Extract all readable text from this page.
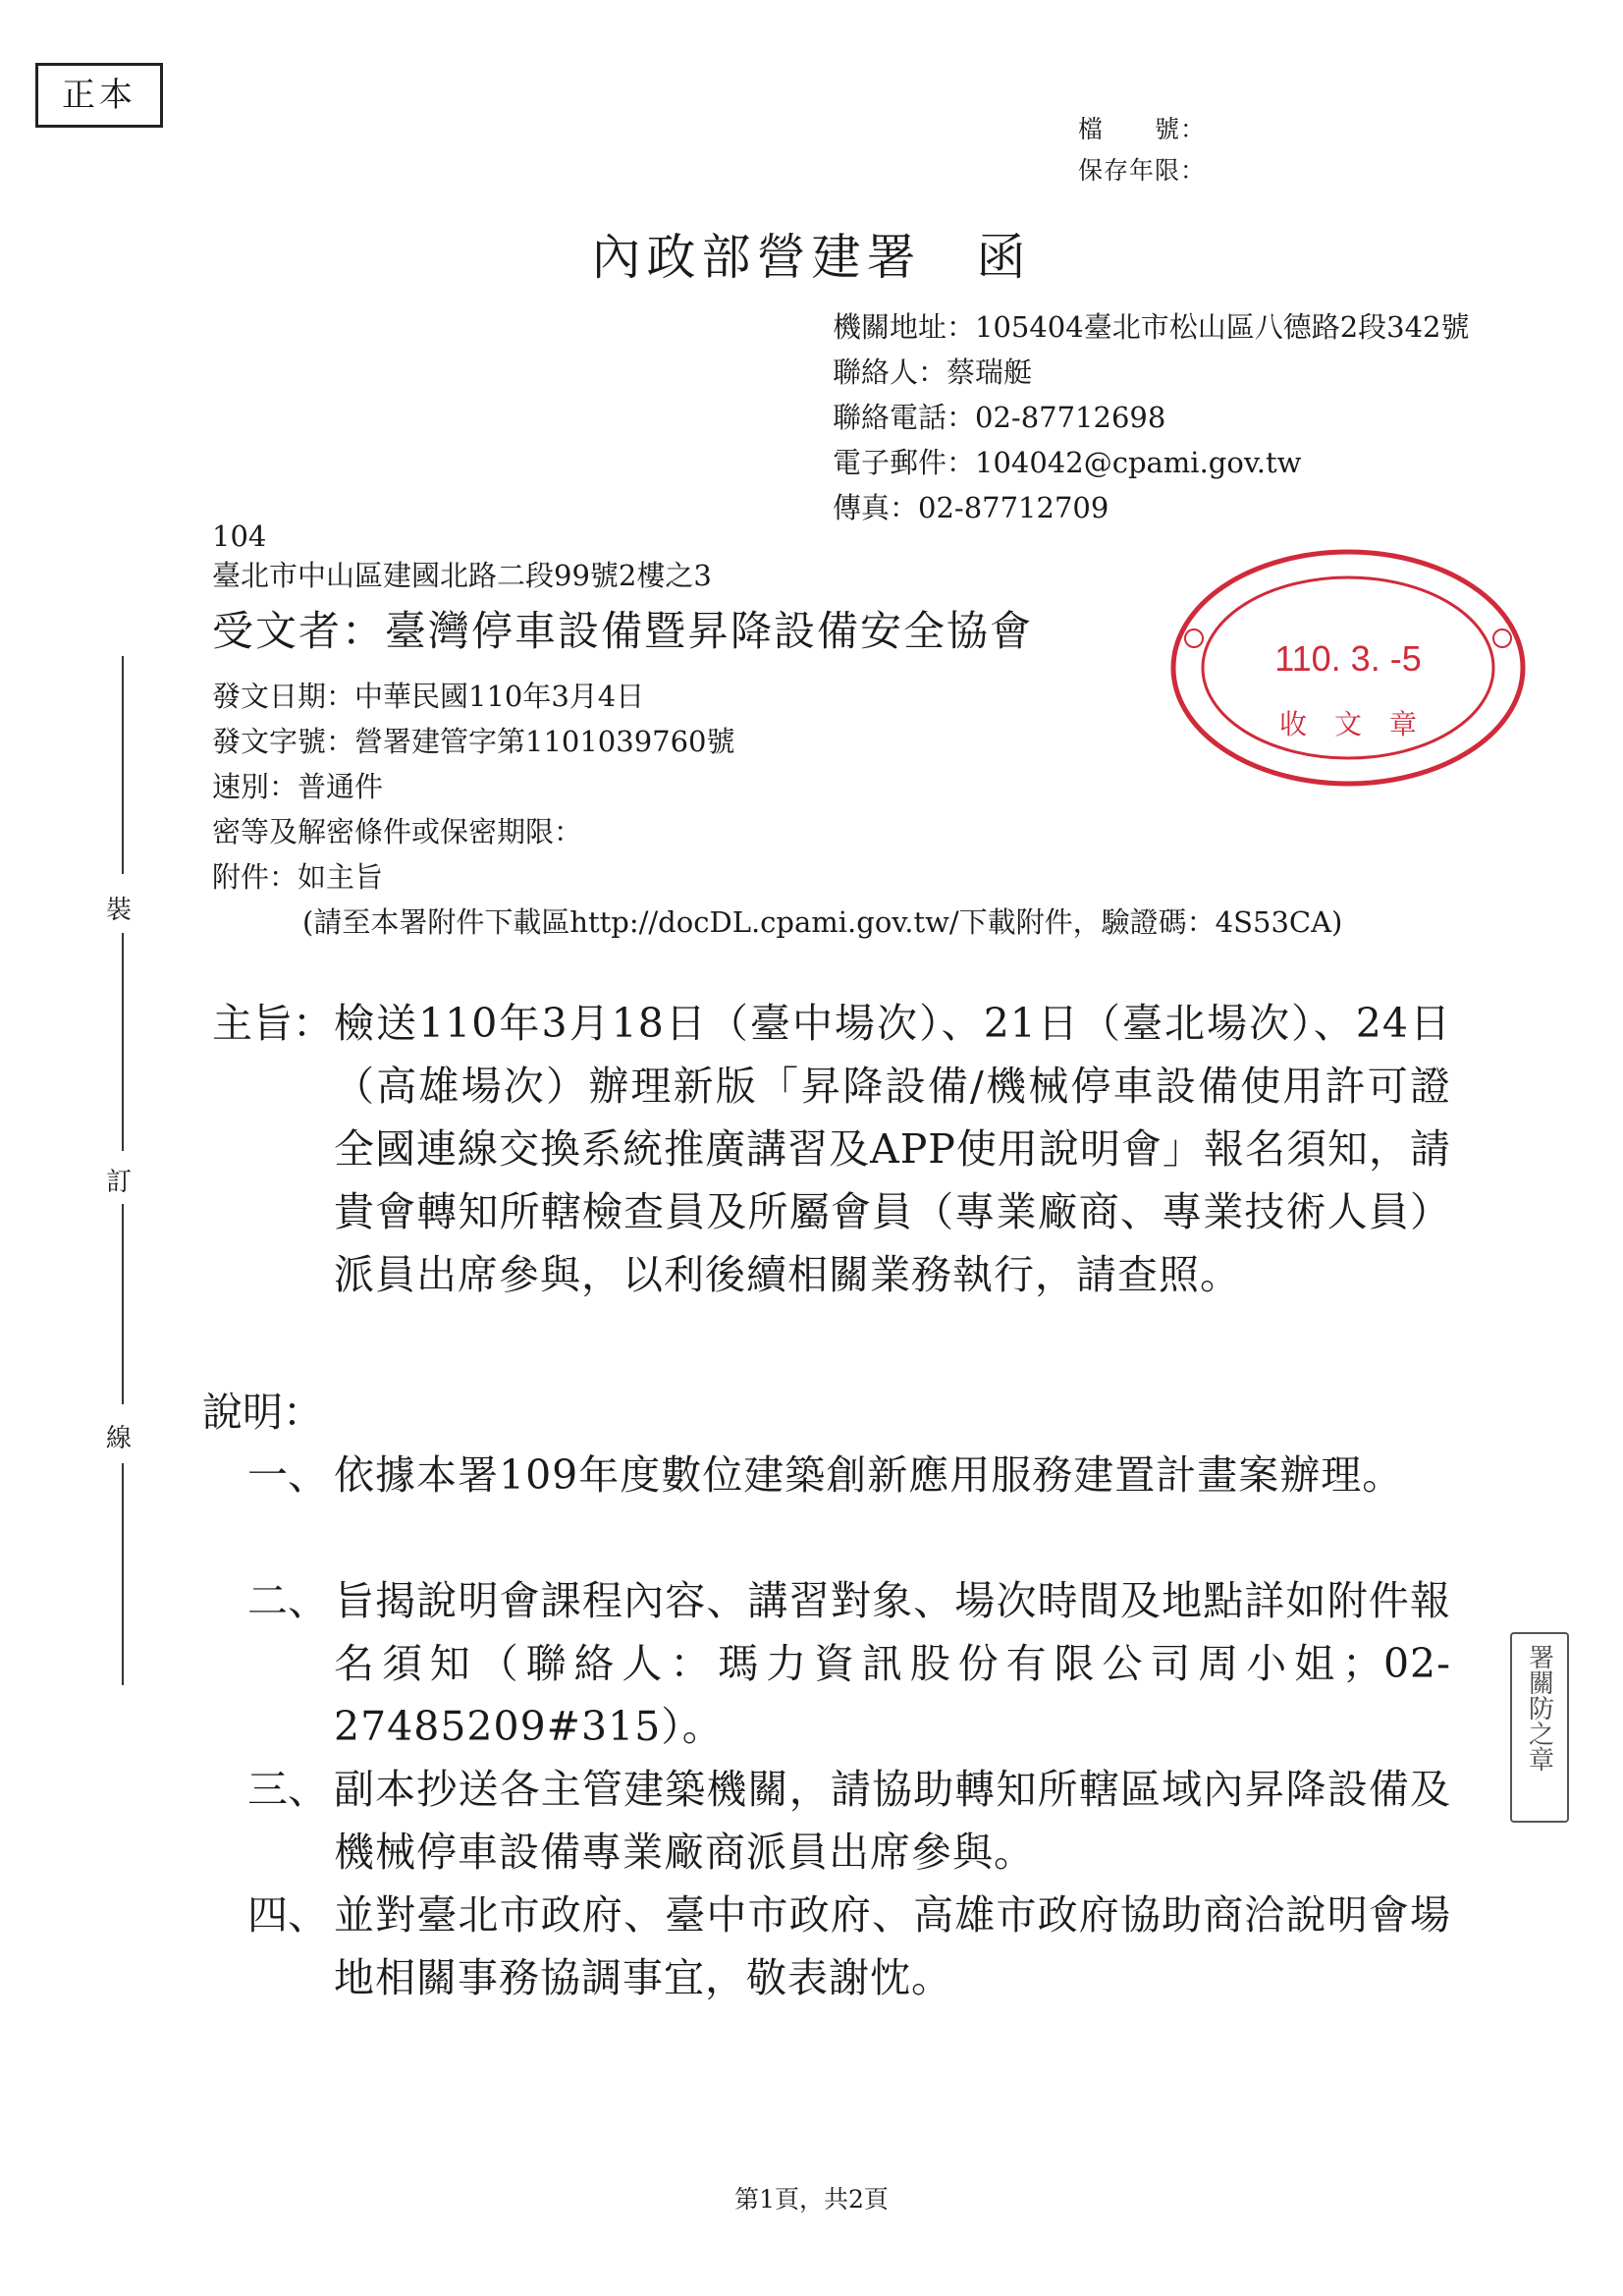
正本
檔　　號：
保存年限：
內政部營建署　函
機關地址：105404臺北市松山區八德路2段342號
聯絡人：蔡瑞艇
聯絡電話：02-87712698
電子郵件：104042@cpami.gov.tw
傳真：02-87712709
104
臺北市中山區建國北路二段99號2樓之3
受文者：臺灣停車設備暨昇降設備安全協會
110. 3. -5
收　文　章
發文日期：中華民國110年3月4日
發文字號：營署建管字第1101039760號
速別：普通件
密等及解密條件或保密期限：
附件：如主旨
(請至本署附件下載區http://docDL.cpami.gov.tw/下載附件，驗證碼：4S53CA)
裝
訂
線
主旨： 檢送110年3月18日（臺中場次）、21日（臺北場次）、24日（高雄場次）辦理新版「昇降設備/機械停車設備使用許可證全國連線交換系統推廣講習及APP使用說明會」報名須知，請貴會轉知所轄檢查員及所屬會員（專業廠商、專業技術人員）派員出席參與，以利後續相關業務執行，請查照。
說明：
一、 依據本署109年度數位建築創新應用服務建置計畫案辦理。
二、 旨揭說明會課程內容、講習對象、場次時間及地點詳如附件報名須知（聯絡人：瑪力資訊股份有限公司周小姐；02-27485209#315）。
三、 副本抄送各主管建築機關，請協助轉知所轄區域內昇降設備及機械停車設備專業廠商派員出席參與。
四、 並對臺北市政府、臺中市政府、高雄市政府協助商洽說明會場地相關事務協調事宜，敬表謝忱。
署關防之章
第1頁，共2頁
